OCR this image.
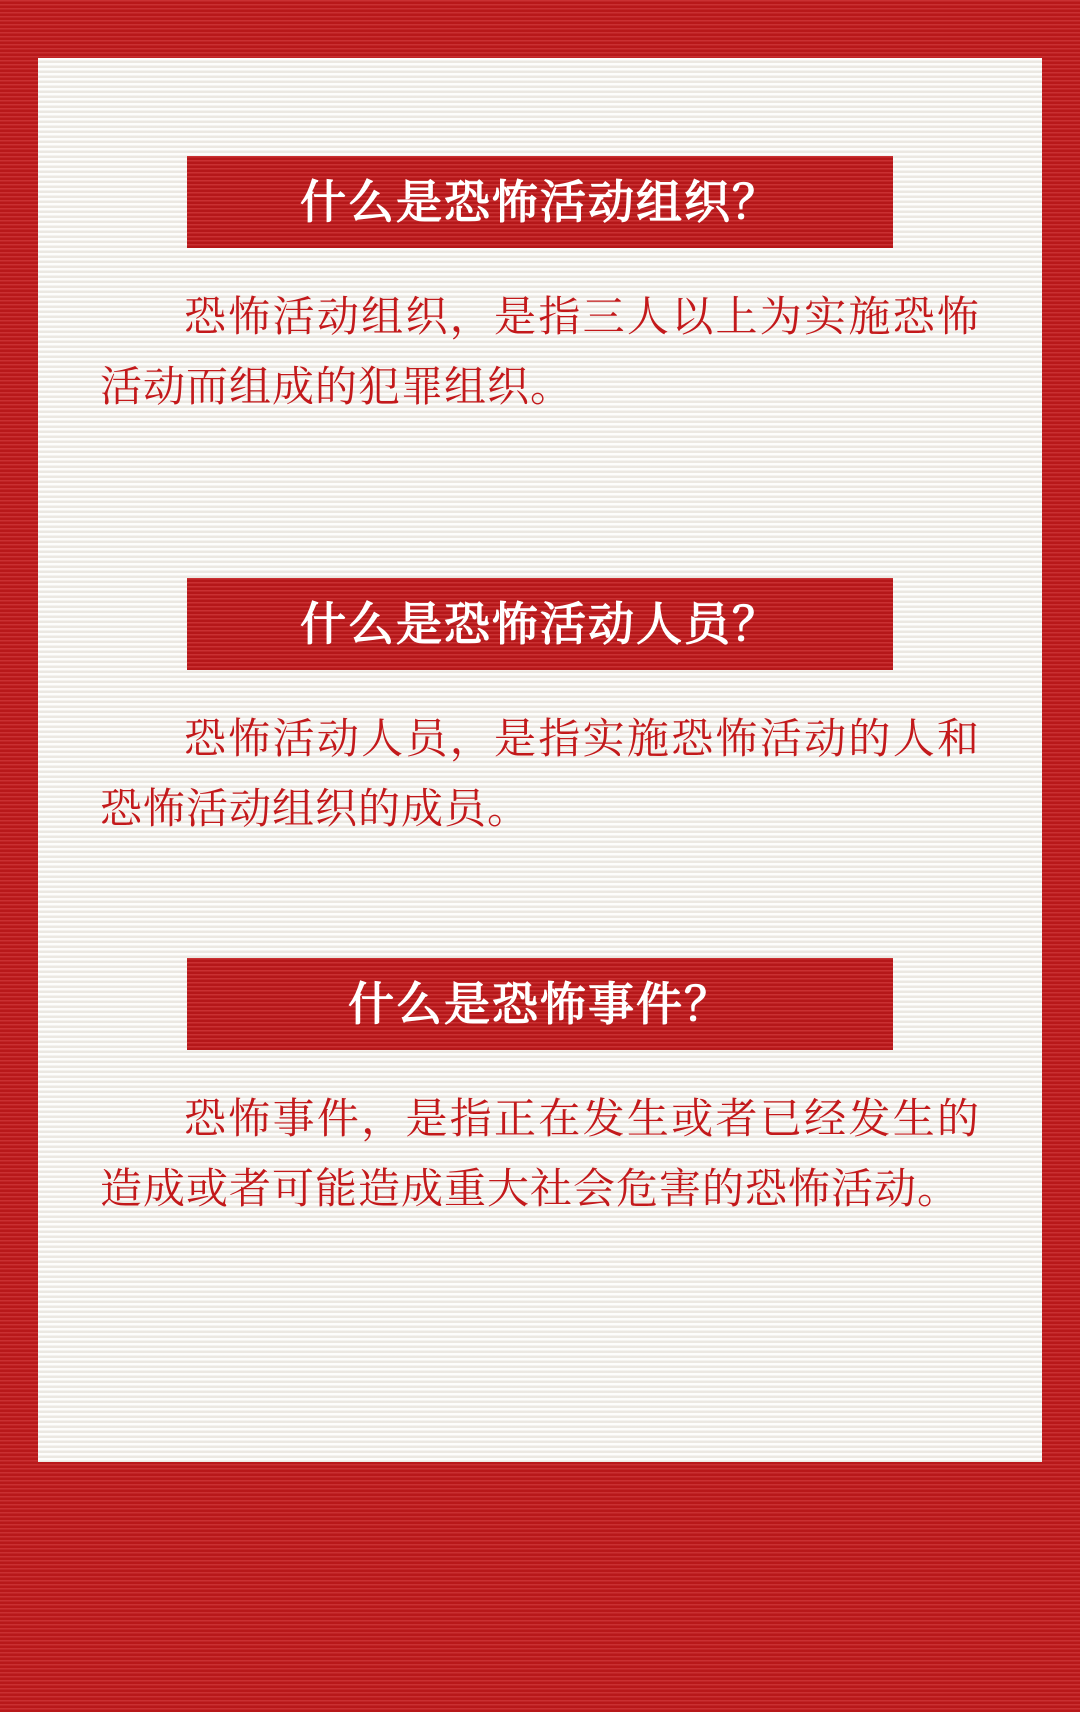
什么是恐怖活动组织？
恐怖活动组织，是指三人以上为实施恐怖活动而组成的犯罪组织。
什么是恐怖活动人员？
恐怖活动人员，是指实施恐怖活动的人和恐怖活动组织的成员。
什么是恐怖事件？
恐怖事件，是指正在发生或者已经发生的造成或者可能造成重大社会危害的恐怖活动。
